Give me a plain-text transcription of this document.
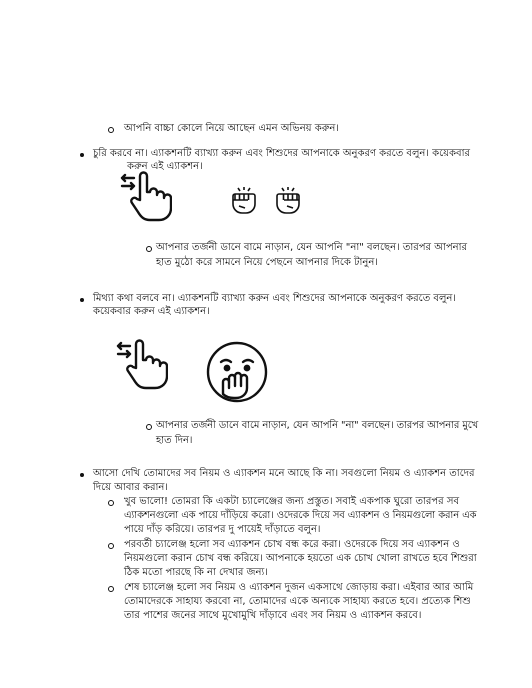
আপনি বাচ্চা কোলে নিয়ে আছেন এমন অভিনয় করুন।
চুরি করবে না। এ্যাকশনটি ব্যাখ্যা করুন এবং শিশুদের আপনাকে অনুকরণ করতে বলুন। কয়েকবার
করুন এই এ্যাকশন।
আপনার তর্জনী ডানে বামে নাড়ান, যেন আপনি "না" বলছেন। তারপর আপনার
হাত মুঠো করে সামনে নিয়ে পেছনে আপনার দিকে টানুন।
মিথ্যা কথা বলবে না। এ্যাকশনটি ব্যাখ্যা করুন এবং শিশুদের আপনাকে অনুকরণ করতে বলুন।
কয়েকবার করুন এই এ্যাকশন।
আপনার তর্জনী ডানে বামে নাড়ান, যেন আপনি "না" বলছেন। তারপর আপনার মুখে
হাত দিন।
আসো দেখি তোমাদের সব নিয়ম ও এ্যাকশন মনে আছে কি না। সবগুলো নিয়ম ও এ্যাকশন তাদের
দিয়ে আবার করান।
খুব ভালো! তোমরা কি একটা চ্যালেঞ্জের জন্য প্রস্তুত। সবাই একপাক ঘুরো তারপর সব
এ্যাকশনগুলো এক পায়ে দাঁড়িয়ে করো। ওদেরকে দিয়ে সব এ্যাকশন ও নিয়মগুলো করান এক
পায়ে দাঁড় করিয়ে। তারপর দু পায়েই দাঁড়াতে বলুন।
পরবর্তী চ্যালেঞ্জ হলো সব এ্যাকশন চোখ বন্ধ করে করা। ওদেরকে দিয়ে সব এ্যাকশন ও
নিয়মগুলো করান চোখ বন্ধ করিয়ে। আপনাকে হয়তো এক চোখ খোলা রাখতে হবে শিশুরা
ঠিক মতো পারছে কি না দেখার জন্য।
শেষ চ্যালেঞ্জ হলো সব নিয়ম ও এ্যাকশন দুজন একসাথে জোড়ায় করা। এইবার আর আমি
তোমাদেরকে সাহায্য করবো না, তোমাদের একে অন্যকে সাহায্য করতে হবে। প্রত্যেক শিশু
তার পাশের জনের সাথে মুখোমুখি দাঁড়াবে এবং সব নিয়ম ও এ্যাকশন করবে।
